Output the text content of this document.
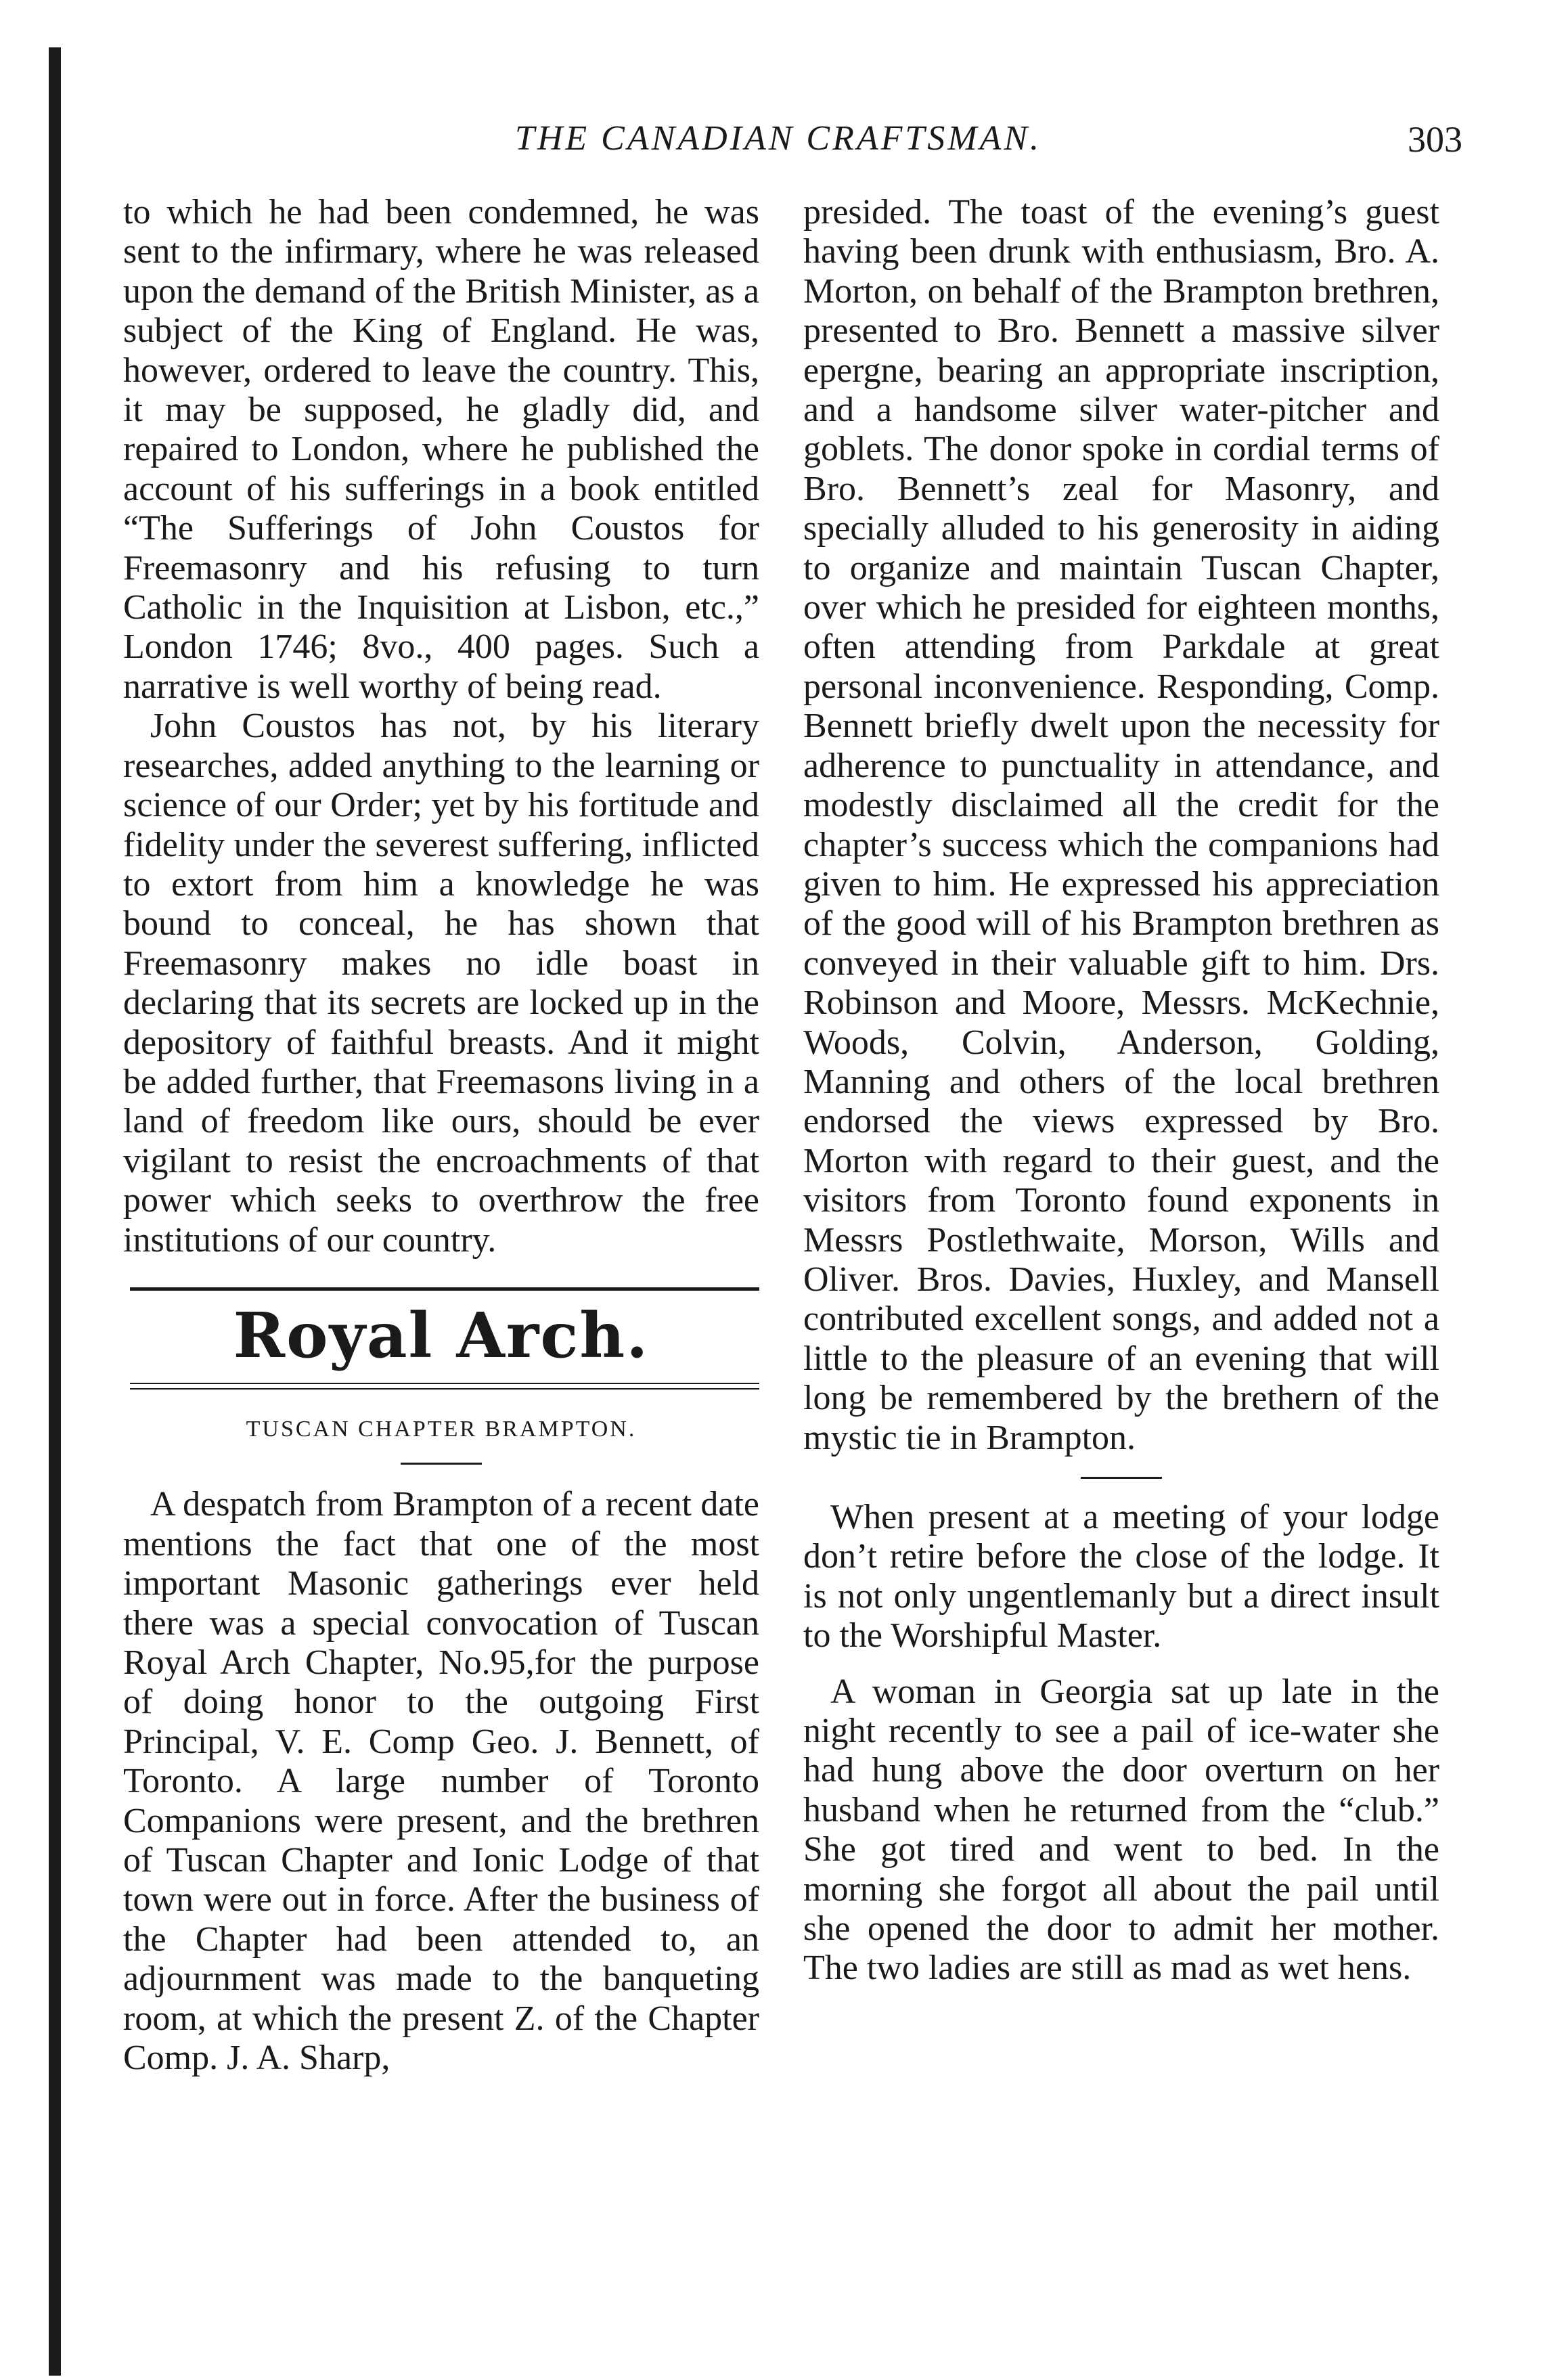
THE CANADIAN CRAFTSMAN.	303

to which he had been condemned, he was sent to the infirmary, where he was released upon the demand of the British Minister, as a subject of the King of England. He was, however, ordered to leave the country. This, it may be supposed, he gladly did, and repaired to London, where he published the account of his sufferings in a book entitled “The Sufferings of John Coustos for Freemasonry and his refusing to turn Catholic in the Inquisition at Lisbon, etc.,” London 1746; 8vo., 400 pages. Such a narrative is well worthy of being read.

John Coustos has not, by his literary researches, added anything to the learning or science of our Order; yet by his fortitude and fidelity under the severest suffering, inflicted to extort from him a knowledge he was bound to conceal, he has shown that Freemasonry makes no idle boast in declaring that its secrets are locked up in the depository of faithful breasts. And it might be added further, that Freemasons living in a land of freedom like ours, should be ever vigilant to resist the encroachments of that power which seeks to overthrow the free institutions of our country.

Royal Arch.
TUSCAN CHAPTER BRAMPTON.

A despatch from Brampton of a recent date mentions the fact that one of the most important Masonic gatherings ever held there was a special convocation of Tuscan Royal Arch Chapter, No.95,for the purpose of doing honor to the outgoing First Principal, V. E. Comp Geo. J. Bennett, of Toronto. A large number of Toronto Companions were present, and the brethren of Tuscan Chapter and Ionic Lodge of that town were out in force. After the business of the Chapter had been attended to, an adjournment was made to the banqueting room, at which the present Z. of the Chapter Comp. J. A. Sharp,

presided. The toast of the evening’s guest having been drunk with enthusiasm, Bro. A. Morton, on behalf of the Brampton brethren, presented to Bro. Bennett a massive silver epergne, bearing an appropriate inscription, and a handsome silver water-pitcher and goblets. The donor spoke in cordial terms of Bro. Bennett’s zeal for Masonry, and specially alluded to his generosity in aiding to organize and maintain Tuscan Chapter, over which he presided for eighteen months, often attending from Parkdale at great personal inconvenience. Responding, Comp. Bennett briefly dwelt upon the necessity for adherence to punctuality in attendance, and modestly disclaimed all the credit for the chapter’s success which the companions had given to him. He expressed his appreciation of the good will of his Brampton brethren as conveyed in their valuable gift to him. Drs. Robinson and Moore, Messrs. McKechnie, Woods, Colvin, Anderson, Golding, Manning and others of the local brethren endorsed the views expressed by Bro. Morton with regard to their guest, and the visitors from Toronto found exponents in Messrs Postlethwaite, Morson, Wills and Oliver. Bros. Davies, Huxley, and Mansell contributed excellent songs, and added not a little to the pleasure of an evening that will long be remembered by the brethern of the mystic tie in Brampton.

When present at a meeting of your lodge don’t retire before the close of the lodge. It is not only ungentlemanly but a direct insult to the Worshipful Master.

A woman in Georgia sat up late in the night recently to see a pail of ice-water she had hung above the door overturn on her husband when he returned from the “club.” She got tired and went to bed. In the morning she forgot all about the pail until she opened the door to admit her mother. The two ladies are still as mad as wet hens.
